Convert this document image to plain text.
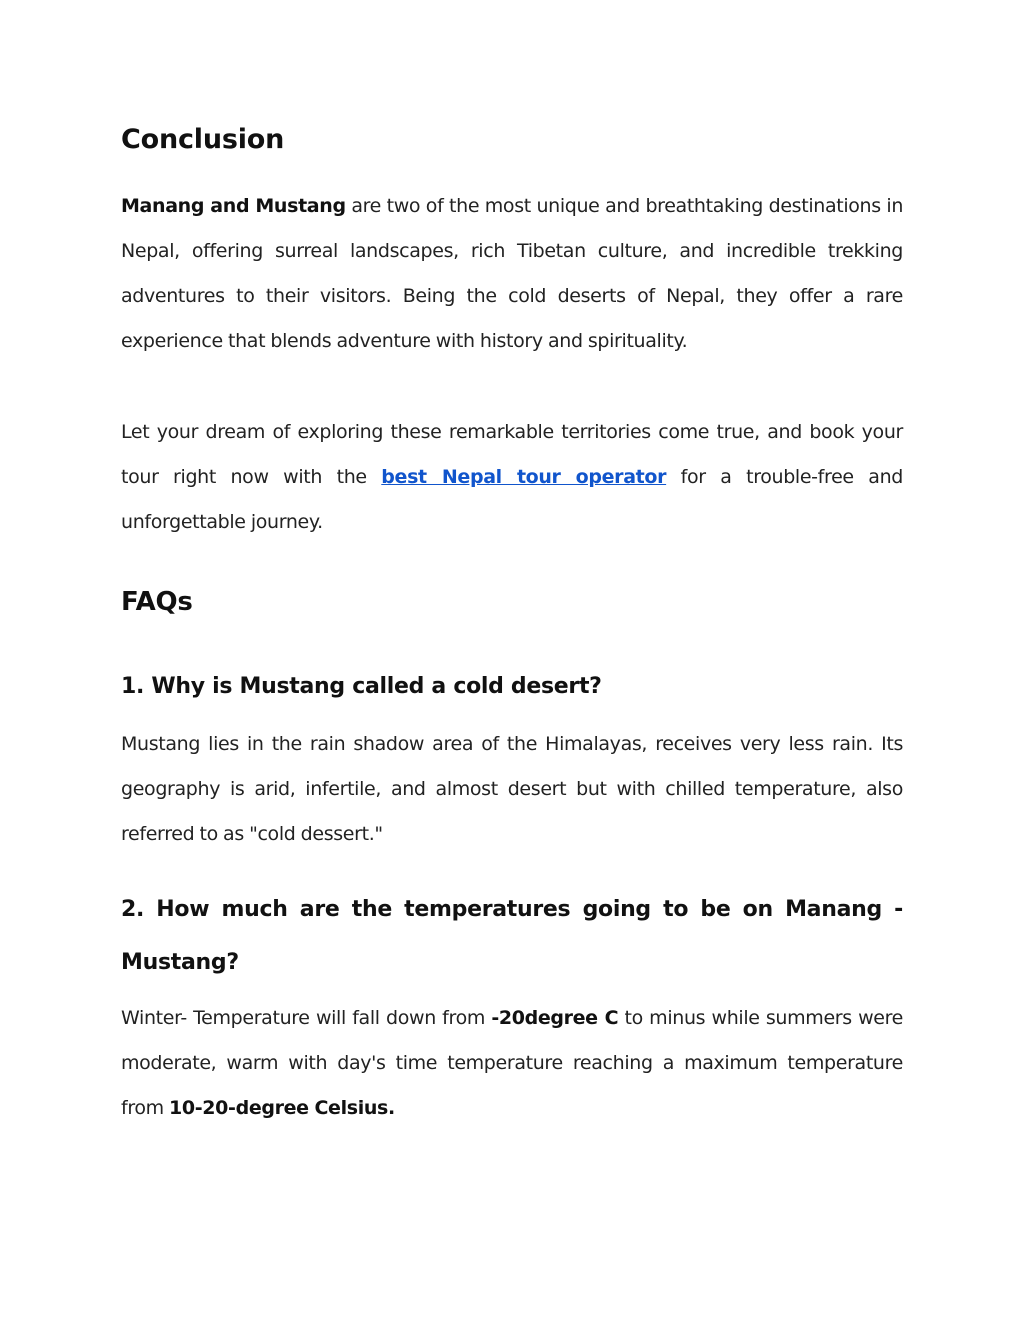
Conclusion

Manang and Mustang are two of the most unique and breathtaking destinations in Nepal, offering surreal landscapes, rich Tibetan culture, and incredible trekking adventures to their visitors. Being the cold deserts of Nepal, they offer a rare experience that blends adventure with history and spirituality.

Let your dream of exploring these remarkable territories come true, and book your tour right now with the best Nepal tour operator for a trouble-free and unforgettable journey.

FAQs
1. Why is Mustang called a cold desert?

Mustang lies in the rain shadow area of the Himalayas, receives very less rain. Its geography is arid, infertile, and almost desert but with chilled temperature, also referred to as "cold dessert."

2. How much are the temperatures going to be on Manang - Mustang?

Winter- Temperature will fall down from -20degree C to minus while summers were moderate, warm with day's time temperature reaching a maximum temperature from 10-20-degree Celsius.
